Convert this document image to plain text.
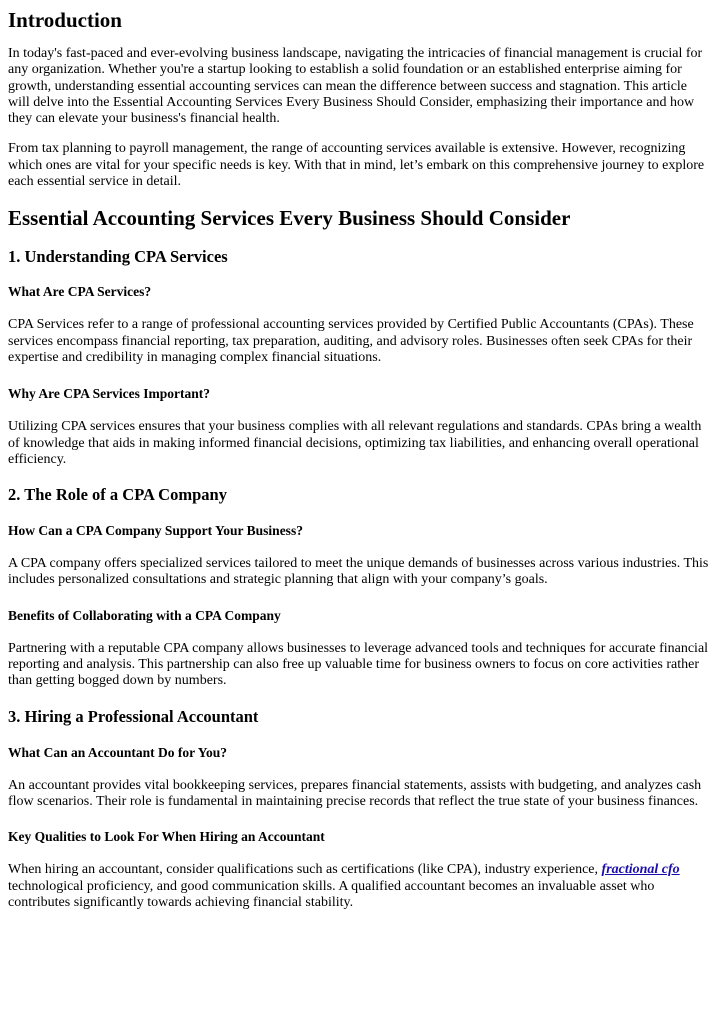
Introduction

In today's fast-paced and ever-evolving business landscape, navigating the intricacies of financial management is crucial for any organization. Whether you're a startup looking to establish a solid foundation or an established enterprise aiming for growth, understanding essential accounting services can mean the difference between success and stagnation. This article will delve into the Essential Accounting Services Every Business Should Consider, emphasizing their importance and how they can elevate your business's financial health.

From tax planning to payroll management, the range of accounting services available is extensive. However, recognizing which ones are vital for your specific needs is key. With that in mind, let’s embark on this comprehensive journey to explore each essential service in detail.

Essential Accounting Services Every Business Should Consider
1. Understanding CPA Services
What Are CPA Services?

CPA Services refer to a range of professional accounting services provided by Certified Public Accountants (CPAs). These services encompass financial reporting, tax preparation, auditing, and advisory roles. Businesses often seek CPAs for their expertise and credibility in managing complex financial situations.

Why Are CPA Services Important?

Utilizing CPA services ensures that your business complies with all relevant regulations and standards. CPAs bring a wealth of knowledge that aids in making informed financial decisions, optimizing tax liabilities, and enhancing overall operational efficiency.

2. The Role of a CPA Company
How Can a CPA Company Support Your Business?

A CPA company offers specialized services tailored to meet the unique demands of businesses across various industries. This includes personalized consultations and strategic planning that align with your company’s goals.

Benefits of Collaborating with a CPA Company

Partnering with a reputable CPA company allows businesses to leverage advanced tools and techniques for accurate financial reporting and analysis. This partnership can also free up valuable time for business owners to focus on core activities rather than getting bogged down by numbers.

3. Hiring a Professional Accountant
What Can an Accountant Do for You?

An accountant provides vital bookkeeping services, prepares financial statements, assists with budgeting, and analyzes cash flow scenarios. Their role is fundamental in maintaining precise records that reflect the true state of your business finances.

Key Qualities to Look For When Hiring an Accountant

When hiring an accountant, consider qualifications such as certifications (like CPA), industry experience, fractional cfo technological proficiency, and good communication skills. A qualified accountant becomes an invaluable asset who contributes significantly towards achieving financial stability.
